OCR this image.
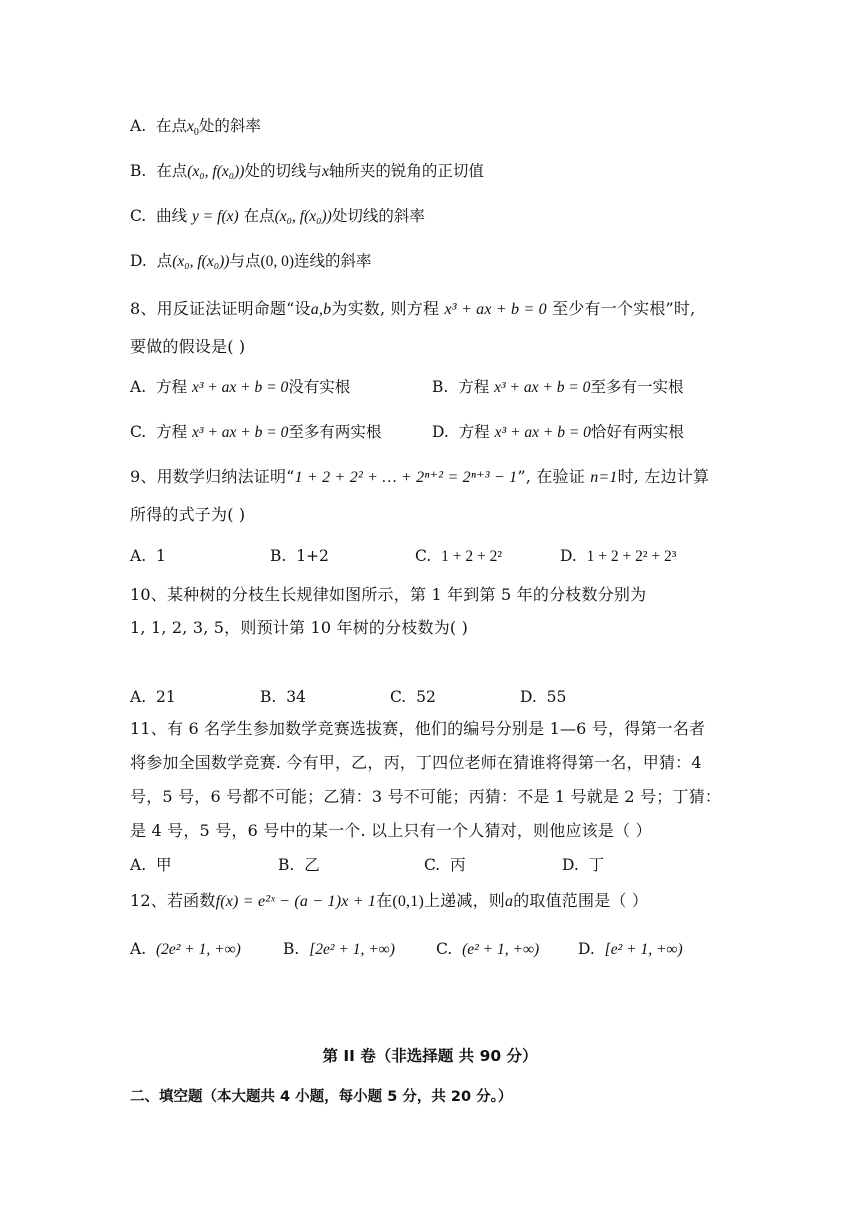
A. 在点$x_0$处的斜率
B. 在点(x₀, f(x₀))处的切线与x轴所夹的锐角的正切值
C. 曲线 y = f(x) 在点(x₀, f(x₀))处切线的斜率
D. 点(x₀, f(x₀))与点(0, 0)连线的斜率
8、用反证法证明命题“设a,b为实数, 则方程 x³ + ax + b = 0 至少有一个实根”时,
要做的假设是( )
A. 方程 x³ + ax + b = 0没有实根	B. 方程 x³ + ax + b = 0至多有一实根
C. 方程 x³ + ax + b = 0至多有两实根	D. 方程 x³ + ax + b = 0恰好有两实根
9、用数学归纳法证明“1 + 2 + 2² + … + 2ⁿ⁺² = 2ⁿ⁺³ − 1”, 在验证 n=1时, 左边计算
所得的式子为( )
A. 1	B. 1+2	C. 1 + 2 + 2²	D. 1 + 2 + 2² + 2³
10、某种树的分枝生长规律如图所示，第 1 年到第 5 年的分枝数分别为
1, 1, 2, 3, 5，则预计第 10 年树的分枝数为( )
A. 21	B. 34	C. 52	D. 55
11、有 6 名学生参加数学竞赛选拔赛，他们的编号分别是 1—6 号，得第一名者
将参加全国数学竞赛. 今有甲，乙，丙，丁四位老师在猜谁将得第一名，甲猜：4
号，5 号，6 号都不可能；乙猜：3 号不可能；丙猜：不是 1 号就是 2 号；丁猜：
是 4 号，5 号，6 号中的某一个. 以上只有一个人猜对，则他应该是（ ）
A. 甲	B. 乙	C. 丙	D. 丁
12、若函数f(x) = e²ˣ − (a − 1)x + 1在(0,1)上递减，则a的取值范围是（ ）
A. (2e² + 1, +∞)	B. [2e² + 1, +∞)	C. (e² + 1, +∞)	D. [e² + 1, +∞)
第 II 卷（非选择题 共 90 分）
二、填空题（本大题共 4 小题，每小题 5 分，共 20 分。）
